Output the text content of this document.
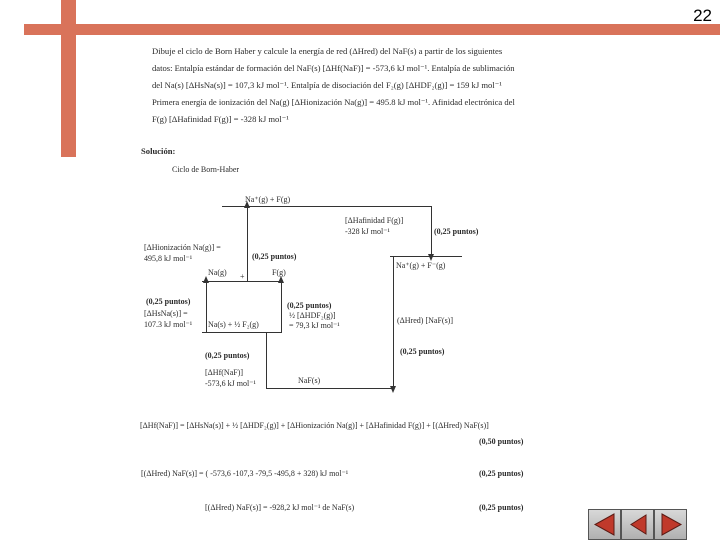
22
Dibuje el ciclo de Born Haber y calcule la energía de red (ΔHred) del NaF(s) a partir de los siguientes
datos: Entalpía estándar de formación del NaF(s) [ΔHf(NaF)] = -573,6 kJ mol⁻¹. Entalpía de sublimación
del Na(s) [ΔHsNa(s)] = 107,3 kJ mol⁻¹. Entalpía de disociación del F₂(g) [ΔHDF₂(g)] = 159 kJ mol⁻¹
Primera energía de ionización del Na(g) [ΔHionización Na(g)] = 495.8 kJ mol⁻¹. Afinidad electrónica del
F(g) [ΔHafinidad F(g)] = -328 kJ mol⁻¹
Solución:
Ciclo de Born-Haber
Na⁺(g) + F(g)
[ΔHafinidad F(g)]
-328 kJ mol⁻¹	(0,25 puntos)
[ΔHionización Na(g)] =
495,8 kJ mol⁻¹	(0,25 puntos)
Na⁺(g) + F⁻(g)
Na(g) +	F(g)
(0,25 puntos)
[ΔHsNa(s)] =
107.3 kJ mol⁻¹
(0,25 puntos)
½ [ΔHDF₂(g)]
= 79,3 kJ mol⁻¹
Na(s) + ½ F₂(g)	(ΔHred) [NaF(s)]
(0,25 puntos)
(0,25 puntos)
[ΔHf(NaF)]
-573,6 kJ mol⁻¹	NaF(s)
[ΔHf(NaF)] = [ΔHsNa(s)] + ½ [ΔHDF₂(g)] + [ΔHionización Na(g)] + [ΔHafinidad F(g)] + [(ΔHred) NaF(s)]
(0,50 puntos)
[(ΔHred) NaF(s)] = ( -573,6 -107,3 -79,5 -495,8 + 328) kJ mol⁻¹	(0,25 puntos)
[(ΔHred) NaF(s)] = -928,2 kJ mol⁻¹ de NaF(s)	(0,25 puntos)
